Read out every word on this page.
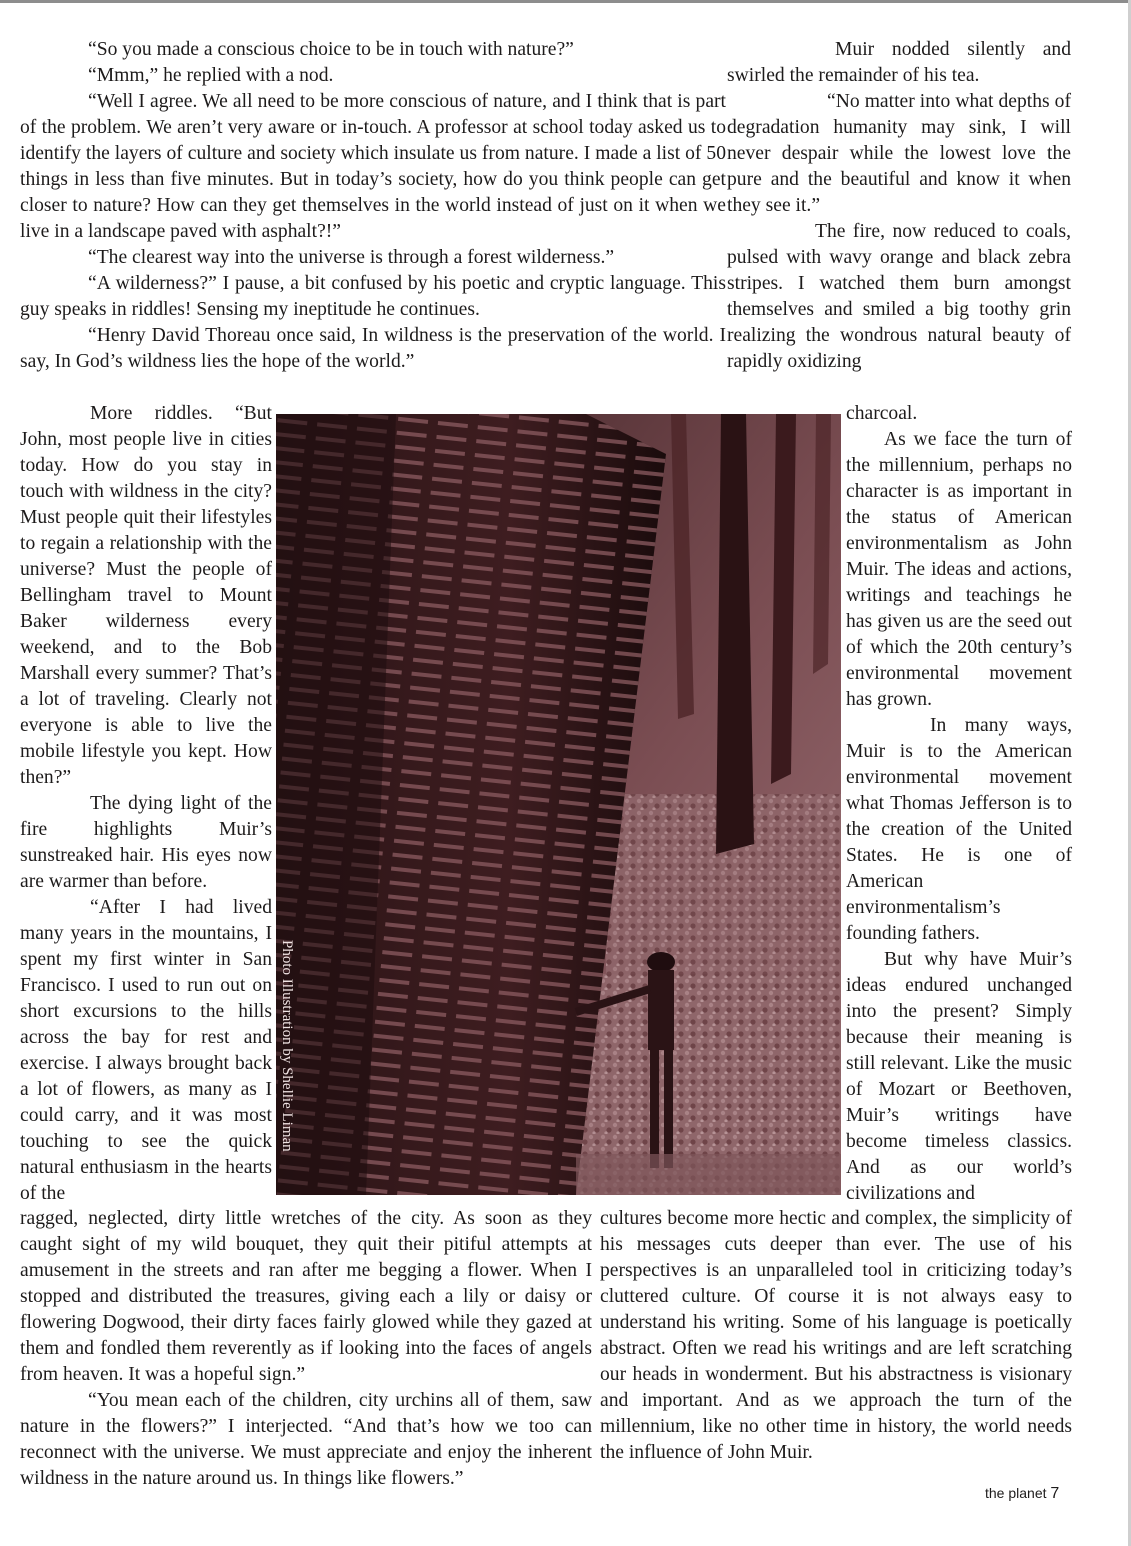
“So you made a conscious choice to be in touch with nature?”

“Mmm,” he replied with a nod.

“Well I agree. We all need to be more conscious of nature, and I think that is part of the problem. We aren’t very aware or in-touch. A professor at school today asked us to identify the layers of culture and society which insulate us from nature. I made a list of 50 things in less than five minutes. But in today’s society, how do you think people can get closer to nature? How can they get themselves in the world instead of just on it when we live in a landscape paved with asphalt?!”

“The clearest way into the universe is through a forest wilderness.”

“A wilderness?” I pause, a bit confused by his poetic and cryptic language. This guy speaks in riddles! Sensing my ineptitude he continues.

“Henry David Thoreau once said, In wildness is the preservation of the world. I say, In God’s wildness lies the hope of the world.”

Muir nodded silently and swirled the remainder of his tea.

“No matter into what depths of degradation humanity may sink, I will never despair while the lowest love the pure and the beautiful and know it when they see it.”

The fire, now reduced to coals, pulsed with wavy orange and black zebra stripes. I watched them burn amongst themselves and smiled a big toothy grin realizing the wondrous natural beauty of rapidly oxidizing

More riddles. “But John, most people live in cities today. How do you stay in touch with wildness in the city? Must people quit their lifestyles to regain a relationship with the universe? Must the people of Bellingham travel to Mount Baker wilderness every weekend, and to the Bob Marshall every summer? That’s a lot of traveling. Clearly not everyone is able to live the mobile lifestyle you kept. How then?”

The dying light of the fire highlights Muir’s sunstreaked hair. His eyes now are warmer than before.

“After I had lived many years in the mountains, I spent my first winter in San Francisco. I used to run out on short excursions to the hills across the bay for rest and exercise. I always brought back a lot of flowers, as many as I could carry, and it was most touching to see the quick natural enthusiasm in the hearts of the

Photo Illustration by Shellie Liman

charcoal.

As we face the turn of the millennium, perhaps no character is as important in the status of American environmentalism as John Muir. The ideas and actions, writings and teachings he has given us are the seed out of which the 20th century’s environmental movement has grown.

In many ways, Muir is to the American environmental movement what Thomas Jefferson is to the creation of the United States. He is one of American environmentalism’s founding fathers.

But why have Muir’s ideas endured unchanged into the present? Simply because their meaning is still relevant. Like the music of Mozart or Beethoven, Muir’s writings have become timeless classics. And as our world’s civilizations and

ragged, neglected, dirty little wretches of the city. As soon as they caught sight of my wild bouquet, they quit their pitiful attempts at amusement in the streets and ran after me begging a flower. When I stopped and distributed the treasures, giving each a lily or daisy or flowering Dogwood, their dirty faces fairly glowed while they gazed at them and fondled them reverently as if looking into the faces of angels from heaven. It was a hopeful sign.”

“You mean each of the children, city urchins all of them, saw nature in the flowers?” I interjected. “And that’s how we too can reconnect with the universe. We must appreciate and enjoy the inherent wildness in the nature around us. In things like flowers.”

cultures become more hectic and complex, the simplicity of his messages cuts deeper than ever. The use of his perspectives is an unparalleled tool in criticizing today’s cluttered culture. Of course it is not always easy to understand his writing. Some of his language is poetically abstract. Often we read his writings and are left scratching our heads in wonderment. But his abstractness is visionary and important. And as we approach the turn of the millennium, like no other time in history, the world needs the influence of John Muir.

the planet 7
